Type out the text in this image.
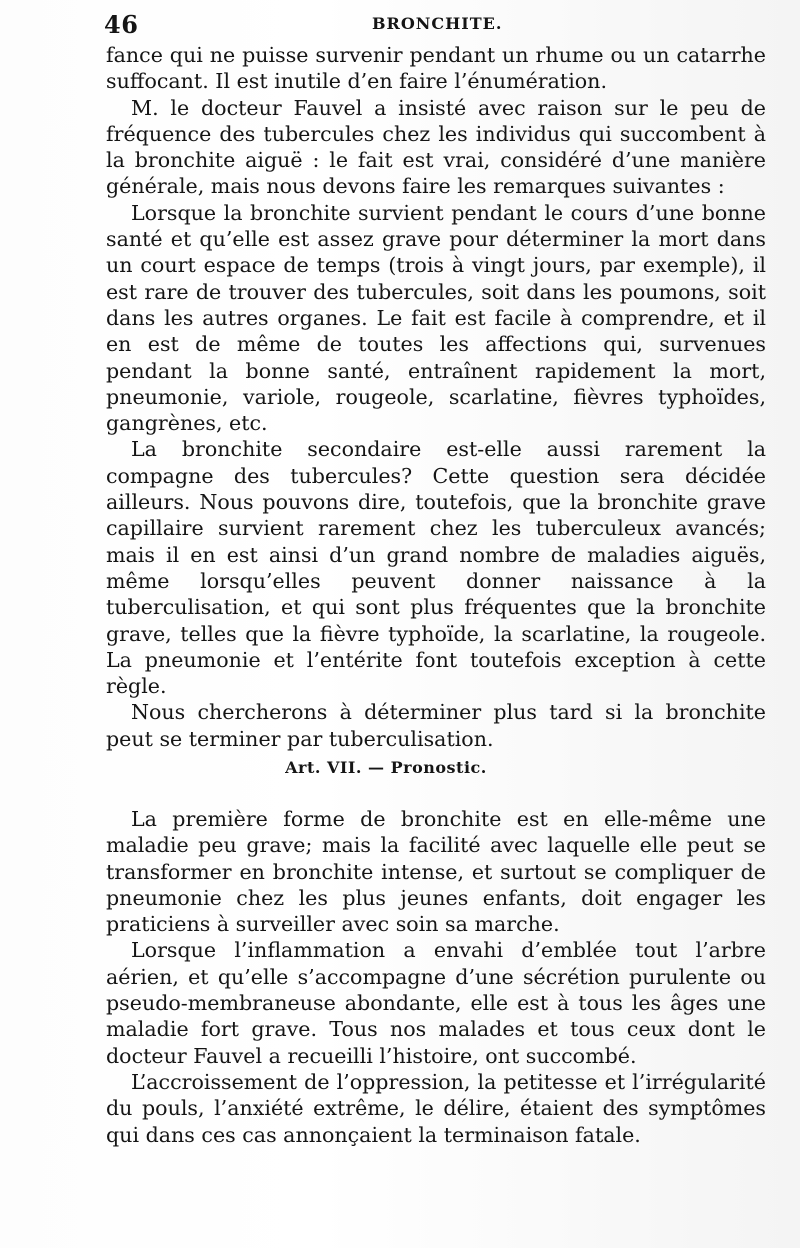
46	BRONCHITE.

fance qui ne puisse survenir pendant un rhume ou un catarrhe suffocant. Il est inutile d’en faire l’énumération.

M. le docteur Fauvel a insisté avec raison sur le peu de fréquence des tubercules chez les individus qui succombent à la bronchite aiguë : le fait est vrai, considéré d’une manière générale, mais nous devons faire les remarques suivantes :

Lorsque la bronchite survient pendant le cours d’une bonne santé et qu’elle est assez grave pour déterminer la mort dans un court espace de temps (trois à vingt jours, par exemple), il est rare de trouver des tubercules, soit dans les poumons, soit dans les autres organes. Le fait est facile à comprendre, et il en est de même de toutes les affections qui, survenues pendant la bonne santé, entraînent rapidement la mort, pneumonie, variole, rougeole, scarlatine, fièvres typhoïdes, gangrènes, etc.

La bronchite secondaire est-elle aussi rarement la compagne des tubercules? Cette question sera décidée ailleurs. Nous pouvons dire, toutefois, que la bronchite grave capillaire survient rarement chez les tuberculeux avancés; mais il en est ainsi d’un grand nombre de maladies aiguës, même lorsqu’elles peuvent donner naissance à la tuberculisation, et qui sont plus fréquentes que la bronchite grave, telles que la fièvre typhoïde, la scarlatine, la rougeole. La pneumonie et l’entérite font toutefois exception à cette règle.

Nous chercherons à déterminer plus tard si la bronchite peut se terminer par tuberculisation.

Art. VII. — Pronostic.

La première forme de bronchite est en elle-même une maladie peu grave; mais la facilité avec laquelle elle peut se transformer en bronchite intense, et surtout se compliquer de pneumonie chez les plus jeunes enfants, doit engager les praticiens à surveiller avec soin sa marche.

Lorsque l’inflammation a envahi d’emblée tout l’arbre aérien, et qu’elle s’accompagne d’une sécrétion purulente ou pseudo-membraneuse abondante, elle est à tous les âges une maladie fort grave. Tous nos malades et tous ceux dont le docteur Fauvel a recueilli l’histoire, ont succombé.

L’accroissement de l’oppression, la petitesse et l’irrégularité du pouls, l’anxiété extrême, le délire, étaient des symptômes qui dans ces cas annonçaient la terminaison fatale.
